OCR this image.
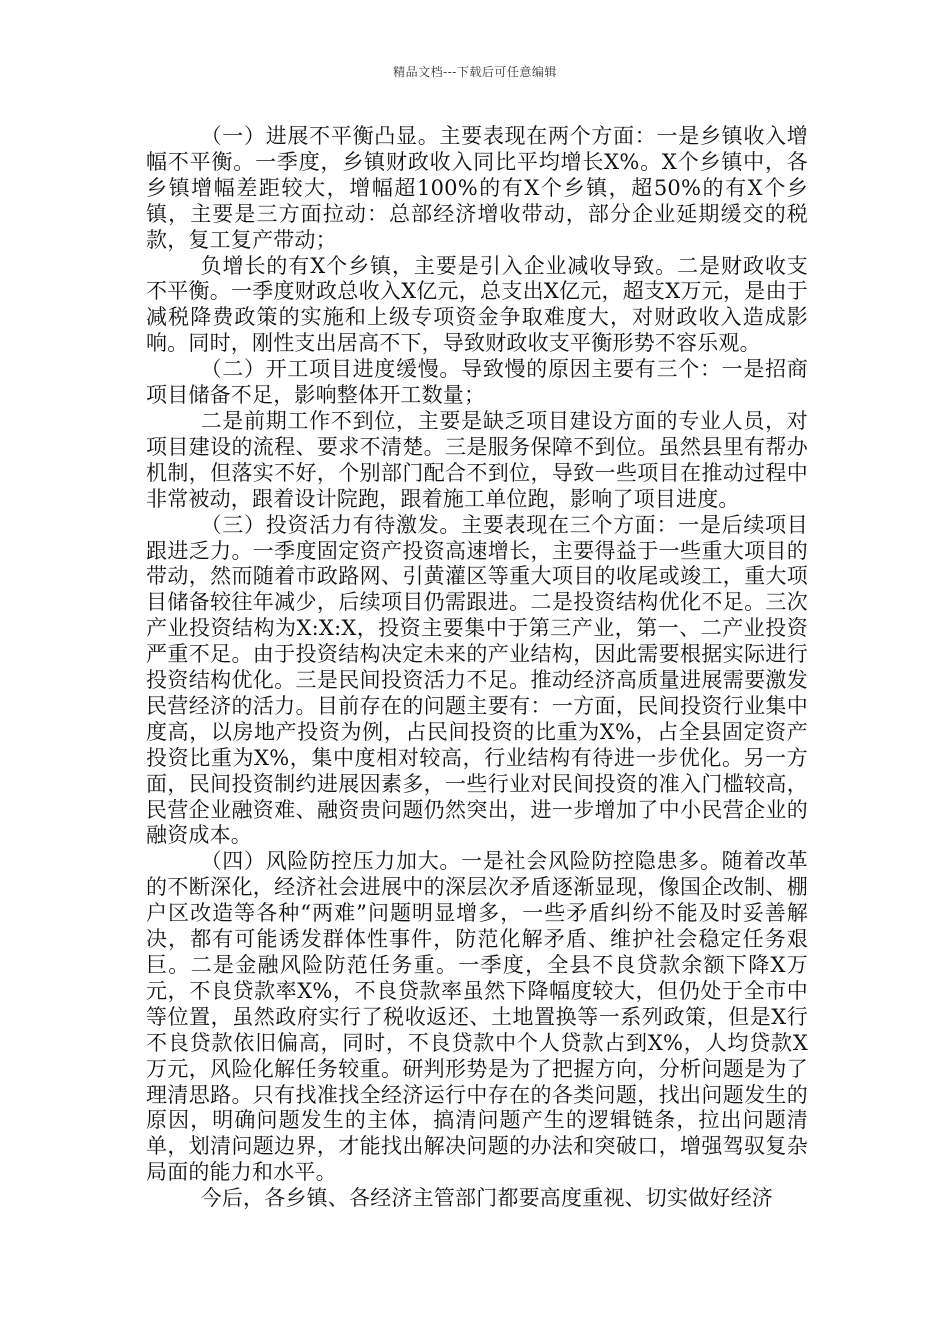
精品文档---下载后可任意编辑

（一）进展不平衡凸显。主要表现在两个方面：一是乡镇收入增幅不平衡。一季度，乡镇财政收入同比平均增长X%。X个乡镇中，各乡镇增幅差距较大，增幅超100%的有X个乡镇，超50%的有X个乡镇，主要是三方面拉动：总部经济增收带动，部分企业延期缓交的税款，复工复产带动；

负增长的有X个乡镇，主要是引入企业减收导致。二是财政收支不平衡。一季度财政总收入X亿元，总支出X亿元，超支X万元，是由于减税降费政策的实施和上级专项资金争取难度大，对财政收入造成影响。同时，刚性支出居高不下，导致财政收支平衡形势不容乐观。

（二）开工项目进度缓慢。导致慢的原因主要有三个：一是招商项目储备不足，影响整体开工数量；

二是前期工作不到位，主要是缺乏项目建设方面的专业人员，对项目建设的流程、要求不清楚。三是服务保障不到位。虽然县里有帮办机制，但落实不好，个别部门配合不到位，导致一些项目在推动过程中非常被动，跟着设计院跑，跟着施工单位跑，影响了项目进度。

（三）投资活力有待激发。主要表现在三个方面：一是后续项目跟进乏力。一季度固定资产投资高速增长，主要得益于一些重大项目的带动，然而随着市政路网、引黄灌区等重大项目的收尾或竣工，重大项目储备较往年减少，后续项目仍需跟进。二是投资结构优化不足。三次产业投资结构为X:X:X，投资主要集中于第三产业，第一、二产业投资严重不足。由于投资结构决定未来的产业结构，因此需要根据实际进行投资结构优化。三是民间投资活力不足。推动经济高质量进展需要激发民营经济的活力。目前存在的问题主要有：一方面，民间投资行业集中度高，以房地产投资为例，占民间投资的比重为X%，占全县固定资产投资比重为X%，集中度相对较高，行业结构有待进一步优化。另一方面，民间投资制约进展因素多，一些行业对民间投资的准入门槛较高，民营企业融资难、融资贵问题仍然突出，进一步增加了中小民营企业的融资成本。

（四）风险防控压力加大。一是社会风险防控隐患多。随着改革的不断深化，经济社会进展中的深层次矛盾逐渐显现，像国企改制、棚户区改造等各种“两难”问题明显增多，一些矛盾纠纷不能及时妥善解决，都有可能诱发群体性事件，防范化解矛盾、维护社会稳定任务艰巨。二是金融风险防范任务重。一季度，全县不良贷款余额下降X万元，不良贷款率X%，不良贷款率虽然下降幅度较大，但仍处于全市中等位置，虽然政府实行了税收返还、土地置换等一系列政策，但是X行不良贷款依旧偏高，同时，不良贷款中个人贷款占到X%，人均贷款X万元，风险化解任务较重。研判形势是为了把握方向，分析问题是为了理清思路。只有找准找全经济运行中存在的各类问题，找出问题发生的原因，明确问题发生的主体，搞清问题产生的逻辑链条，拉出问题清单，划清问题边界，才能找出解决问题的办法和突破口，增强驾驭复杂局面的能力和水平。

今后，各乡镇、各经济主管部门都要高度重视、切实做好经济
